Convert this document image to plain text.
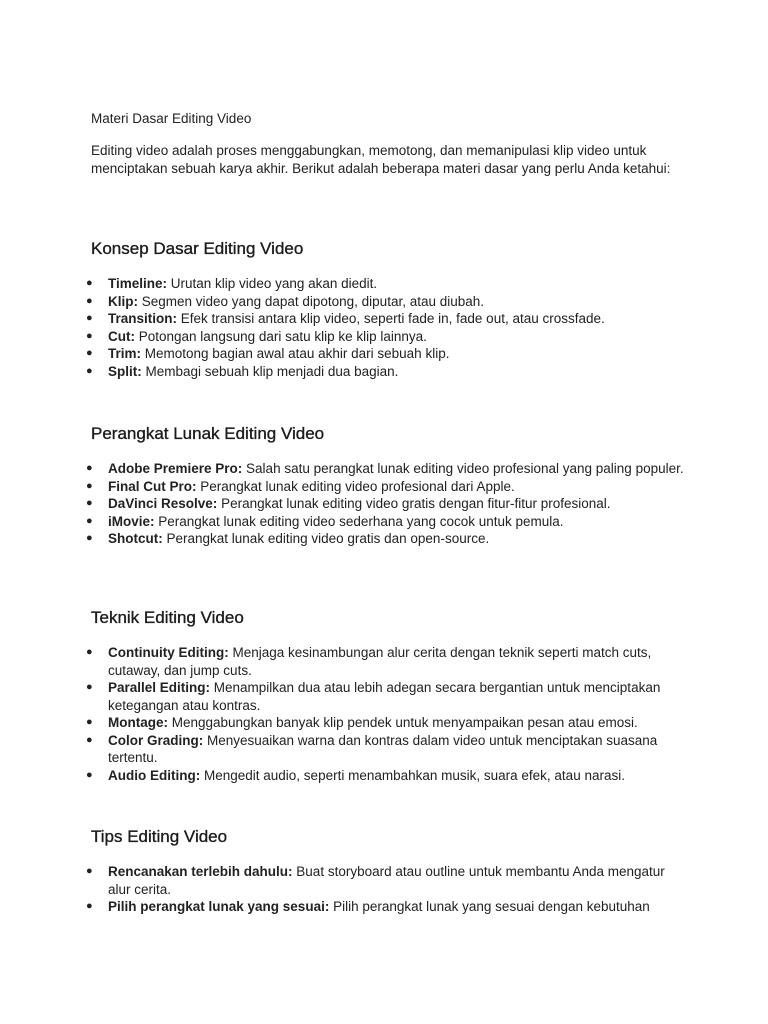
Materi Dasar Editing Video

Editing video adalah proses menggabungkan, memotong, dan memanipulasi klip video untuk menciptakan sebuah karya akhir. Berikut adalah beberapa materi dasar yang perlu Anda ketahui:

Konsep Dasar Editing Video
● Timeline: Urutan klip video yang akan diedit.
● Klip: Segmen video yang dapat dipotong, diputar, atau diubah.
● Transition: Efek transisi antara klip video, seperti fade in, fade out, atau crossfade.
● Cut: Potongan langsung dari satu klip ke klip lainnya.
● Trim: Memotong bagian awal atau akhir dari sebuah klip.
● Split: Membagi sebuah klip menjadi dua bagian.
Perangkat Lunak Editing Video
● Adobe Premiere Pro: Salah satu perangkat lunak editing video profesional yang paling populer.
● Final Cut Pro: Perangkat lunak editing video profesional dari Apple.
● DaVinci Resolve: Perangkat lunak editing video gratis dengan fitur-fitur profesional.
● iMovie: Perangkat lunak editing video sederhana yang cocok untuk pemula.
● Shotcut: Perangkat lunak editing video gratis dan open-source.
Teknik Editing Video
● Continuity Editing: Menjaga kesinambungan alur cerita dengan teknik seperti match cuts, cutaway, dan jump cuts.
● Parallel Editing: Menampilkan dua atau lebih adegan secara bergantian untuk menciptakan ketegangan atau kontras.
● Montage: Menggabungkan banyak klip pendek untuk menyampaikan pesan atau emosi.
● Color Grading: Menyesuaikan warna dan kontras dalam video untuk menciptakan suasana tertentu.
● Audio Editing: Mengedit audio, seperti menambahkan musik, suara efek, atau narasi.
Tips Editing Video
● Rencanakan terlebih dahulu: Buat storyboard atau outline untuk membantu Anda mengatur alur cerita.
● Pilih perangkat lunak yang sesuai: Pilih perangkat lunak yang sesuai dengan kebutuhan
